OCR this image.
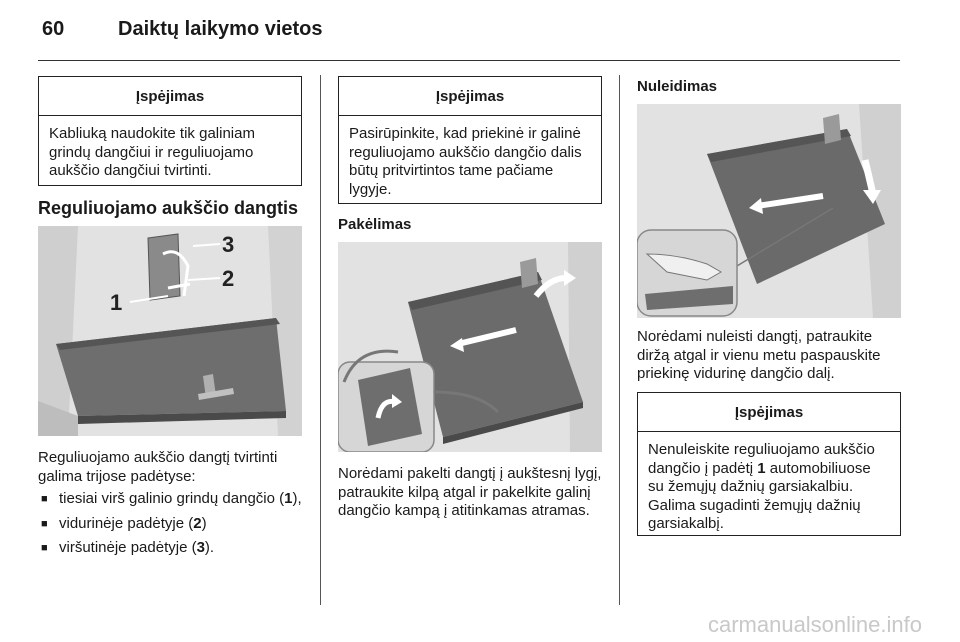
60	Daiktų laikymo vietos
Įspėjimas
Kabliuką naudokite tik galiniam grindų dangčiui ir reguliuojamo aukščio dangčiui tvirtinti.
Reguliuojamo aukščio dangtis
3
2
1
Reguliuojamo aukščio dangtį tvirtinti galima trijose padėtyse:
■ tiesiai virš galinio grindų dangčio (1),
■ vidurinėje padėtyje (2)
■ viršutinėje padėtyje (3).
Įspėjimas
Pasirūpinkite, kad priekinė ir galinė reguliuojamo aukščio dangčio dalis būtų pritvirtintos tame pačiame lygyje.
Pakėlimas
Norėdami pakelti dangtį į aukštesnį lygį, patraukite kilpą atgal ir pakelkite galinį dangčio kampą į atitinkamas atramas.
Nuleidimas
Norėdami nuleisti dangtį, patraukite diržą atgal ir vienu metu paspauskite priekinę vidurinę dangčio dalį.
Įspėjimas
Nenuleiskite reguliuojamo aukščio dangčio į padėtį 1 automobiliuose su žemųjų dažnių garsiakalbiu. Galima sugadinti žemųjų dažnių garsiakalbį.
carmanualsonline.info
